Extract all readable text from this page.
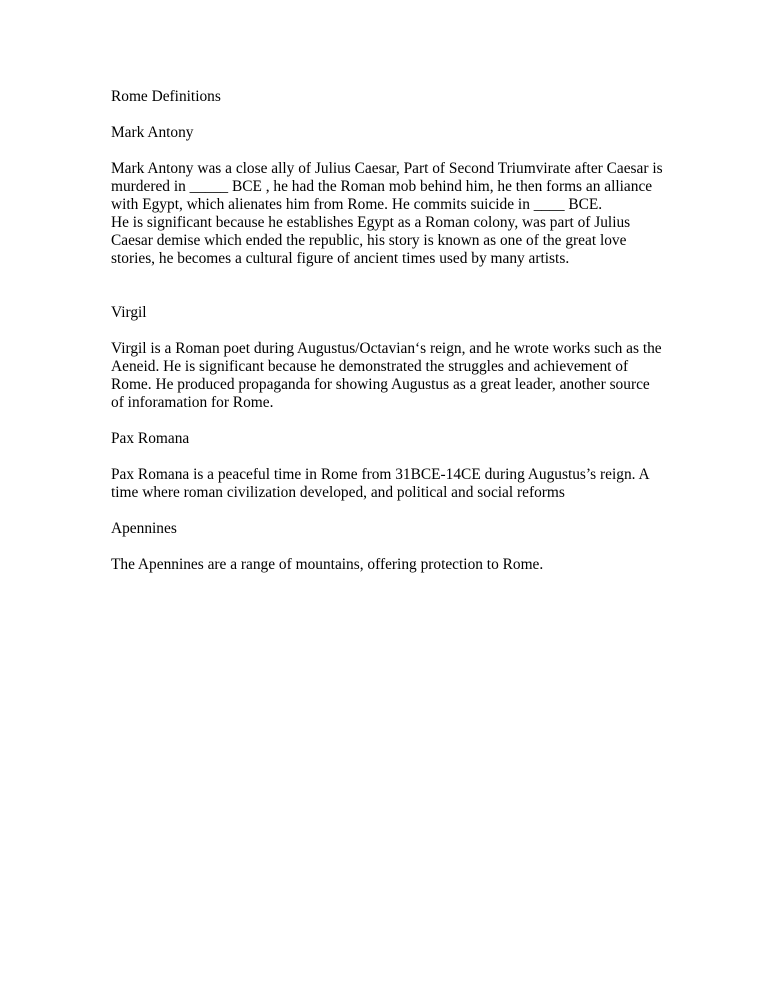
Rome Definitions

Mark Antony

Mark Antony was a close ally of Julius Caesar, Part of Second Triumvirate after Caesar is
murdered in _____ BCE , he had the Roman mob behind him, he then forms an alliance
with Egypt, which alienates him from Rome. He commits suicide in ____ BCE.
He is significant because he establishes Egypt as a Roman colony, was part of Julius
Caesar demise which ended the republic, his story is known as one of the great love
stories, he becomes a cultural figure of ancient times used by many artists.

Virgil

Virgil is a Roman poet during Augustus/Octavian‘s reign, and he wrote works such as the
Aeneid. He is significant because he demonstrated the struggles and achievement of
Rome. He produced propaganda for showing Augustus as a great leader, another source
of inforamation for Rome.

Pax Romana

Pax Romana is a peaceful time in Rome from 31BCE-14CE during Augustus’s reign. A
time where roman civilization developed, and political and social reforms

Apennines

The Apennines are a range of mountains, offering protection to Rome.
